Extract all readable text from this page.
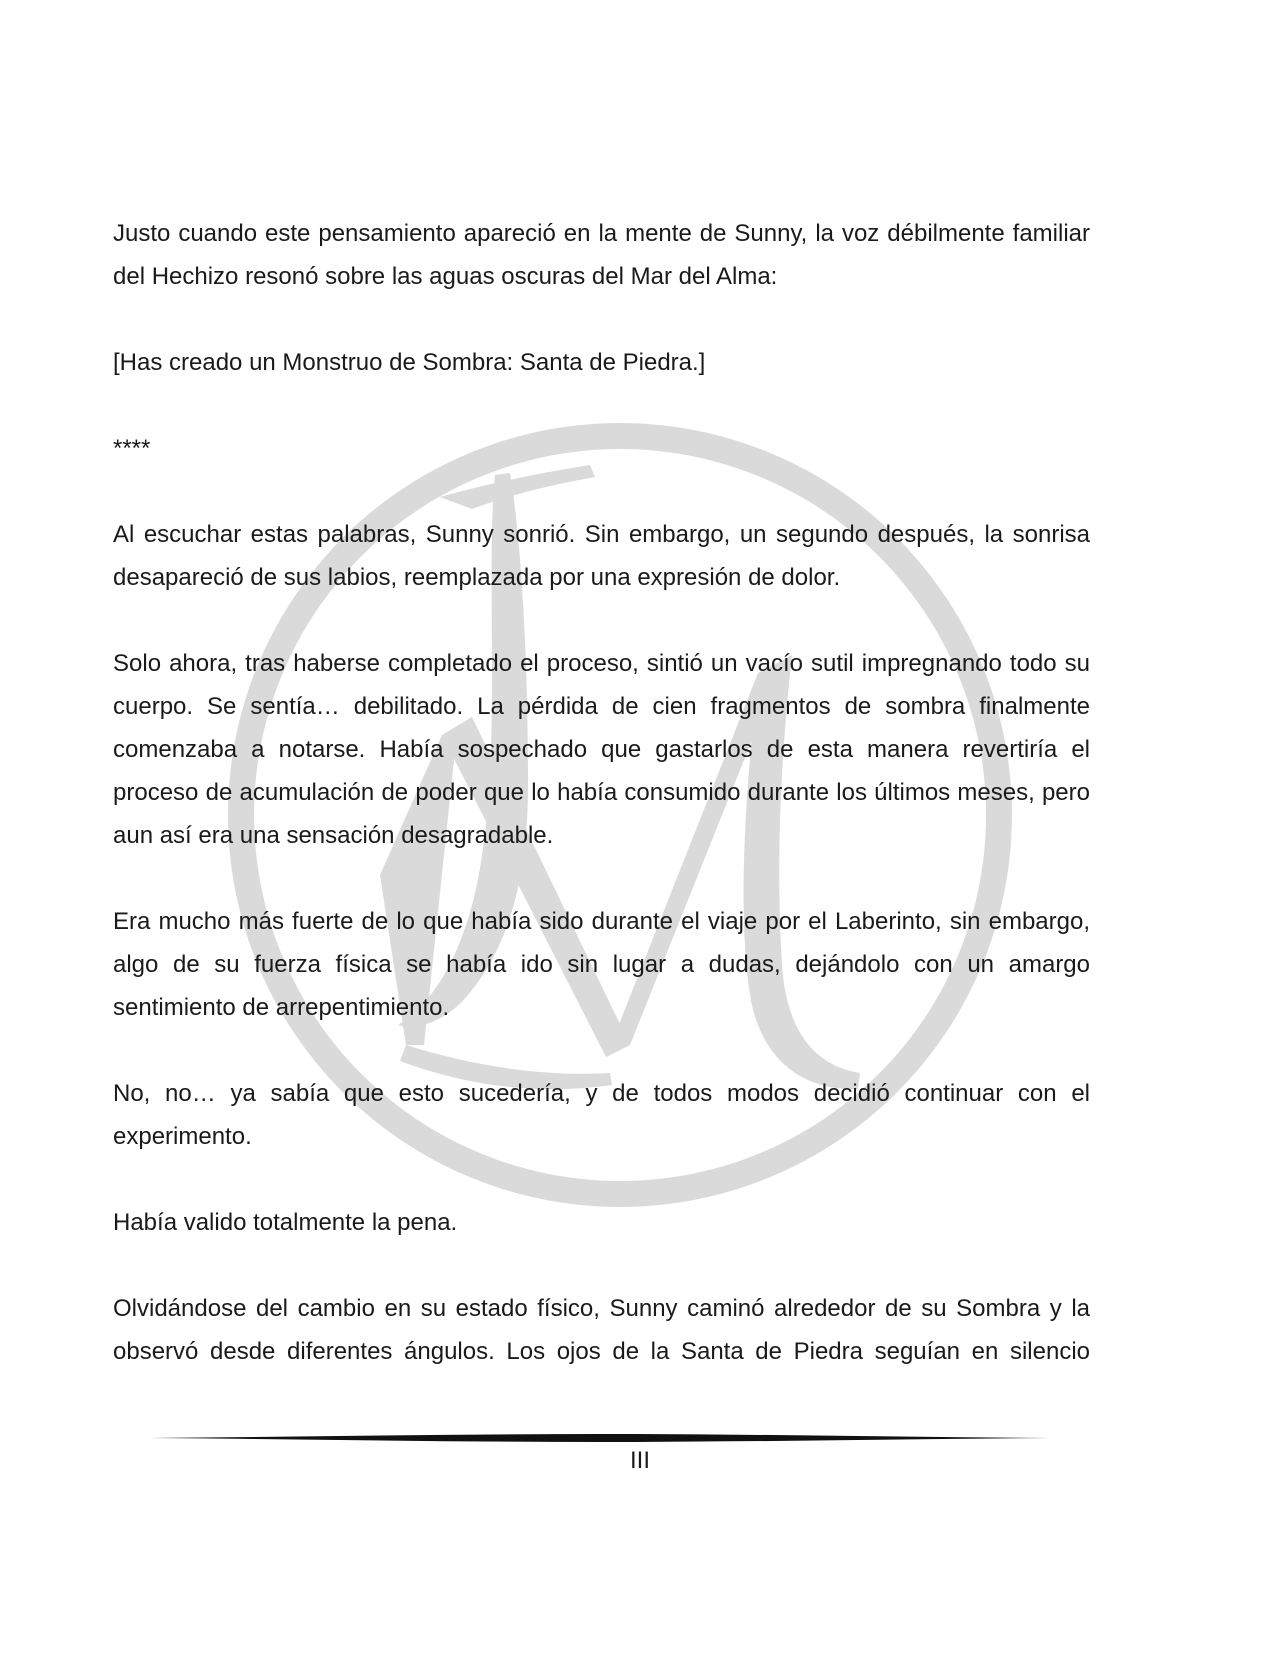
Justo cuando este pensamiento apareció en la mente de Sunny, la voz débilmente familiar del Hechizo resonó sobre las aguas oscuras del Mar del Alma:

[Has creado un Monstruo de Sombra: Santa de Piedra.]

****

Al escuchar estas palabras, Sunny sonrió. Sin embargo, un segundo después, la sonrisa desapareció de sus labios, reemplazada por una expresión de dolor.

Solo ahora, tras haberse completado el proceso, sintió un vacío sutil impregnando todo su cuerpo. Se sentía… debilitado. La pérdida de cien fragmentos de sombra finalmente comenzaba a notarse. Había sospechado que gastarlos de esta manera revertiría el proceso de acumulación de poder que lo había consumido durante los últimos meses, pero aun así era una sensación desagradable.

Era mucho más fuerte de lo que había sido durante el viaje por el Laberinto, sin embargo, algo de su fuerza física se había ido sin lugar a dudas, dejándolo con un amargo sentimiento de arrepentimiento.

No, no… ya sabía que esto sucedería, y de todos modos decidió continuar con el experimento.

Había valido totalmente la pena.

Olvidándose del cambio en su estado físico, Sunny caminó alrededor de su Sombra y la observó desde diferentes ángulos. Los ojos de la Santa de Piedra seguían en silencio

III
